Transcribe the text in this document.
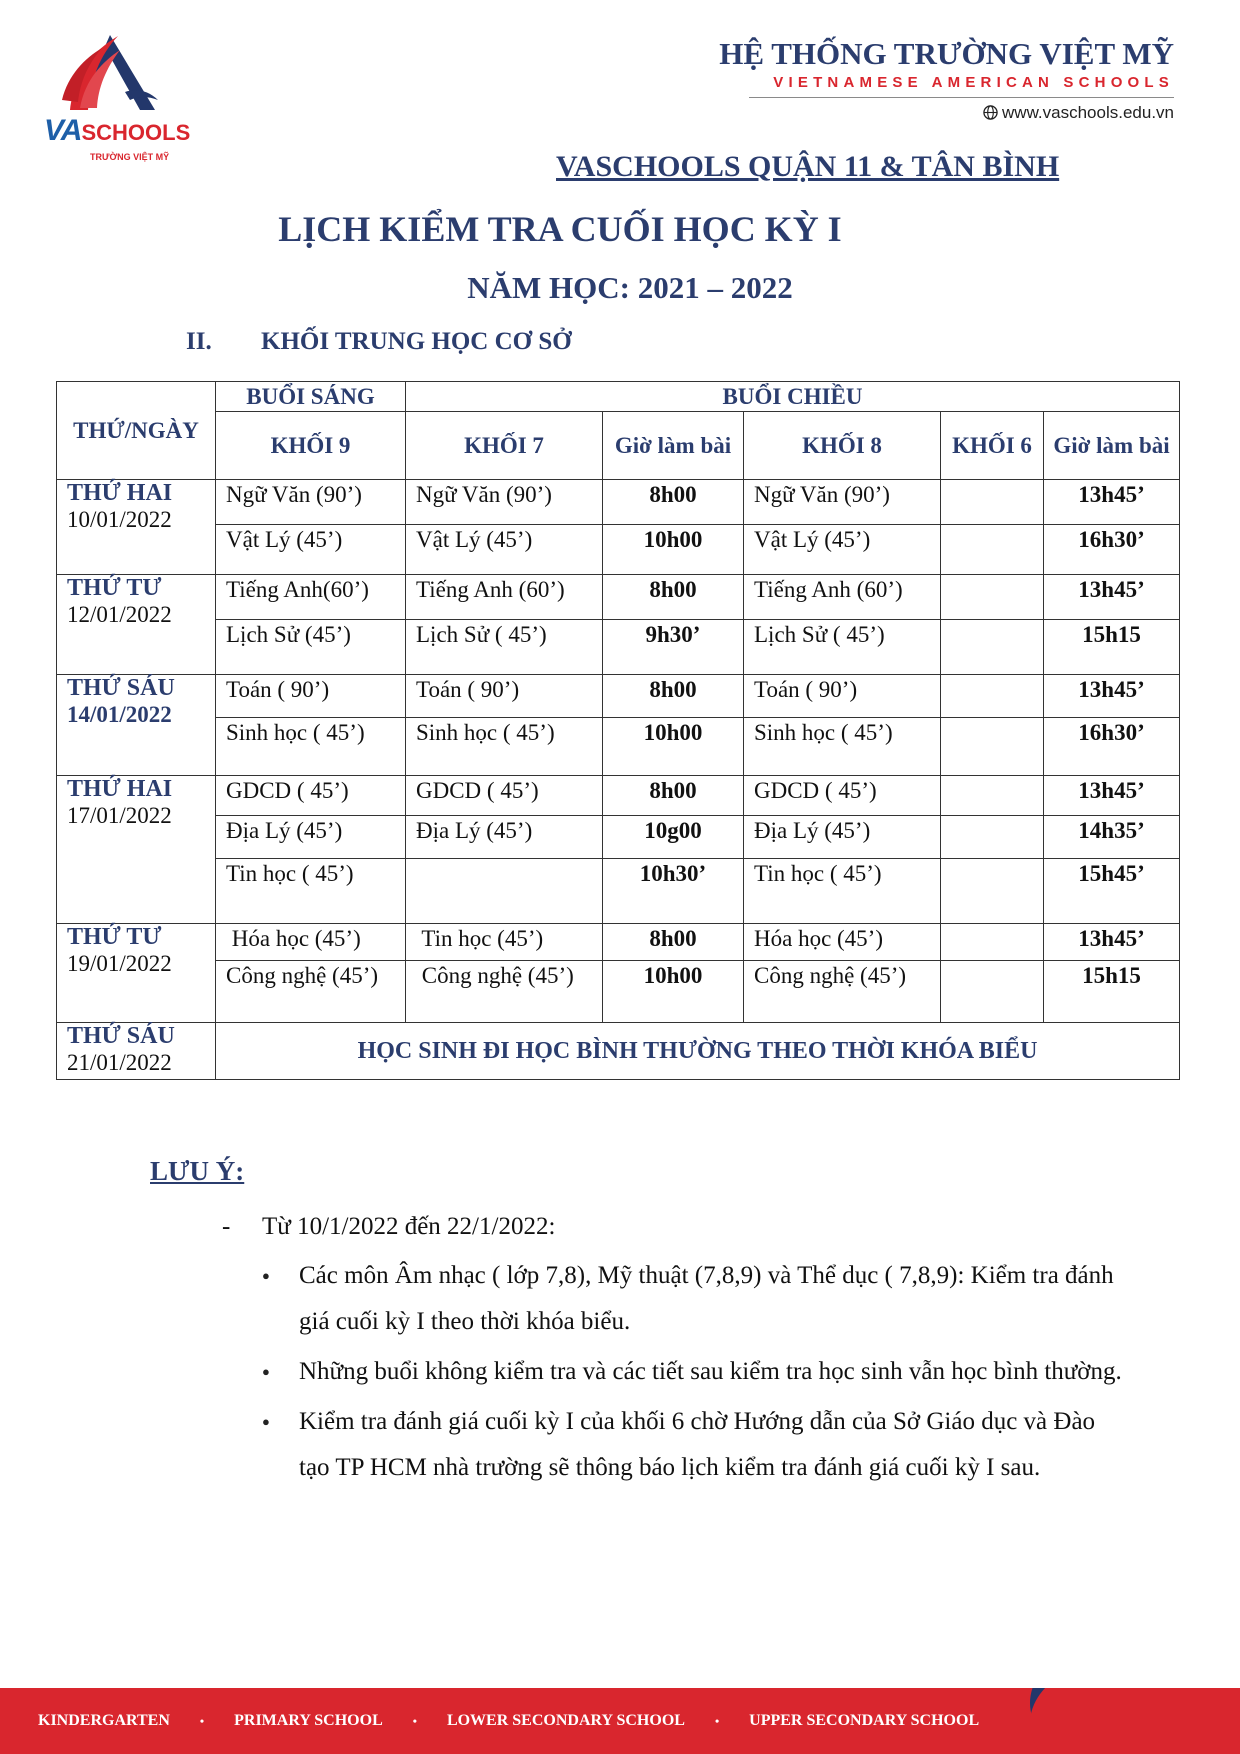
VASCHOOLS
TRƯỜNG VIỆT MỸ
HỆ THỐNG TRƯỜNG VIỆT MỸ
VIETNAMESE AMERICAN SCHOOLS
www.vaschools.edu.vn
VASCHOOLS QUẬN 11 & TÂN BÌNH
LỊCH KIỂM TRA CUỐI HỌC KỲ I
NĂM HỌC: 2021 – 2022
II. KHỐI TRUNG HỌC CƠ SỞ
THỨ/NGÀY	BUỔI SÁNG	BUỔI CHIỀU				
	KHỐI 9	KHỐI 7	Giờ làm bài	KHỐI 8	KHỐI 6	Giờ làm bài

THỨ HAI
10/01/2022	Ngữ Văn (90’)	Ngữ Văn (90’)	8h00	Ngữ Văn (90’)		13h45’
	Vật Lý (45’)	Vật Lý (45’)	10h00	Vật Lý (45’)		16h30’

THỨ TƯ
12/01/2022	Tiếng Anh(60’)	Tiếng Anh (60’)	8h00	Tiếng Anh (60’)		13h45’
	Lịch Sử (45’)	Lịch Sử ( 45’)	9h30’	Lịch Sử ( 45’)		15h15

THỨ SÁU
14/01/2022	Toán ( 90’)	Toán ( 90’)	8h00	Toán ( 90’)		13h45’
	Sinh học ( 45’)	Sinh học ( 45’)	10h00	Sinh học ( 45’)		16h30’

THỨ HAI
17/01/2022	GDCD ( 45’)	GDCD ( 45’)	8h00	GDCD ( 45’)		13h45’
	Địa Lý (45’)	Địa Lý (45’)	10g00	Địa Lý (45’)		14h35’
	Tin học ( 45’)		10h30’	Tin học ( 45’)		15h45’

THỨ TƯ
19/01/2022	Hóa học (45’)	Tin học (45’)	8h00	Hóa học (45’)		13h45’
	Công nghệ (45’)	Công nghệ (45’)	10h00	Công nghệ (45’)		15h15

THỨ SÁU
21/01/2022	HỌC SINH ĐI HỌC BÌNH THƯỜNG THEO THỜI KHÓA BIỂU					
LƯU Ý:
- Từ 10/1/2022 đến 22/1/2022:
● Các môn Âm nhạc ( lớp 7,8), Mỹ thuật (7,8,9) và Thể dục ( 7,8,9): Kiểm tra đánh giá cuối kỳ I theo thời khóa biểu.
● Những buổi không kiểm tra và các tiết sau kiểm tra học sinh vẫn học bình thường.
● Kiểm tra đánh giá cuối kỳ I của khối 6 chờ Hướng dẫn của Sở Giáo dục và Đào tạo TP HCM nhà trường sẽ thông báo lịch kiểm tra đánh giá cuối kỳ I sau.
KINDERGARTEN	• PRIMARY SCHOOL	• LOWER SECONDARY SCHOOL	• UPPER SECONDARY SCHOOL
